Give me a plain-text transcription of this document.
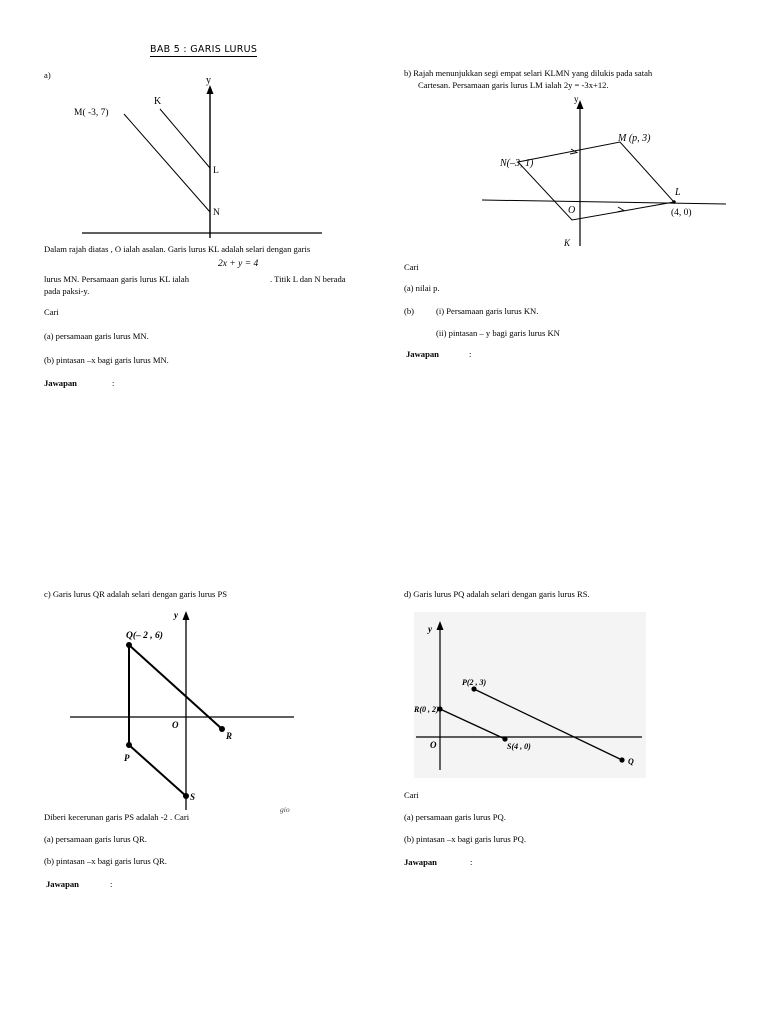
BAB 5 : GARIS LURUS
a)	y
M( -3, 7)
K
L
N
Dalam rajah diatas , O ialah asalan. Garis lurus KL adalah selari dengan garis
2x + y = 4
lurus MN. Persamaan garis lurus KL ialah	. Titik L dan N berada
pada paksi-y.
Cari
(a) persamaan garis lurus MN.
(b) pintasan –x bagi garis lurus MN.
Jawapan	:
b) Rajah menunjukkan segi empat selari KLMN yang dilukis pada satah
Cartesan. Persamaan garis lurus LM ialah 2y = -3x+12.
y
M (p, 3)
N(–3, 1)
O
L
(4, 0)
K
Cari
(a) nilai p.
(b)	(i) Persamaan garis lurus KN.
(ii) pintasan – y bagi garis lurus KN
Jawapan	:
c) Garis lurus QR adalah selari dengan garis lurus PS
y
Q(– 2 , 6)
O
R
P
S
gio
Diberi kecerunan garis PS adalah -2 . Cari
(a) persamaan garis lurus QR.
(b) pintasan –x bagi garis lurus QR.
Jawapan	:
d) Garis lurus PQ adalah selari dengan garis lurus RS.
y
P(2 , 3)
R(0 , 2)
O	S(4 , 0)
Q
Cari
(a) persamaan garis lurus PQ.
(b) pintasan –x bagi garis lurus PQ.
Jawapan	:
